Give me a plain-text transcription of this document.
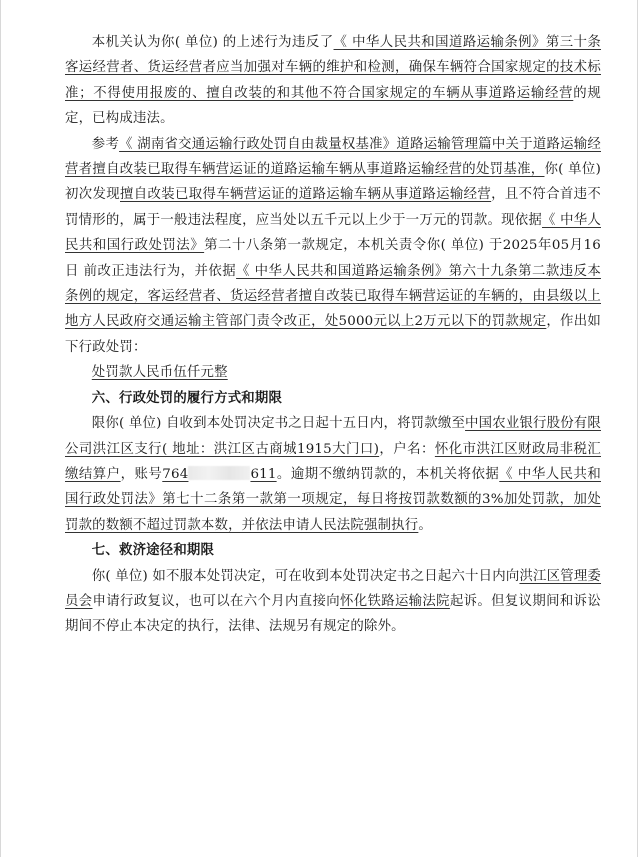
本机关认为你( 单位) 的上述行为违反了《 中华人民共和国道路运输条例》第三十条客运经营者、货运经营者应当加强对车辆的维护和检测，确保车辆符合国家规定的技术标准；不得使用报废的、擅自改装的和其他不符合国家规定的车辆从事道路运输经营的规定，已构成违法。

参考《 湖南省交通运输行政处罚自由裁量权基准》道路运输管理篇中关于道路运输经营者擅自改装已取得车辆营运证的道路运输车辆从事道路运输经营的处罚基准，你( 单位) 初次发现擅自改装已取得车辆营运证的道路运输车辆从事道路运输经营，且不符合首违不罚情形的，属于一般违法程度，应当处以五千元以上少于一万元的罚款。现依据《 中华人民共和国行政处罚法》第二十八条第一款规定，本机关责令你( 单位) 于2025年05月16日 前改正违法行为，并依据《 中华人民共和国道路运输条例》第六十九条第二款违反本条例的规定，客运经营者、货运经营者擅自改装已取得车辆营运证的车辆的，由县级以上地方人民政府交通运输主管部门责令改正，处5000元以上2万元以下的罚款规定，作出如下行政处罚：

处罚款人民币伍仟元整

六、行政处罚的履行方式和期限

限你( 单位) 自收到本处罚决定书之日起十五日内，将罚款缴至中国农业银行股份有限公司洪江区支行( 地址：洪江区古商城1915大门口)，户名：怀化市洪江区财政局非税汇缴结算户，账号764	611。逾期不缴纳罚款的，本机关将依据《 中华人民共和国行政处罚法》第七十二条第一款第一项规定，每日将按罚款数额的3%加处罚款，加处罚款的数额不超过罚款本数，并依法申请人民法院强制执行。

七、救济途径和期限

你( 单位) 如不服本处罚决定，可在收到本处罚决定书之日起六十日内向洪江区管理委员会申请行政复议，也可以在六个月内直接向怀化铁路运输法院起诉。但复议期间和诉讼期间不停止本决定的执行，法律、法规另有规定的除外。
